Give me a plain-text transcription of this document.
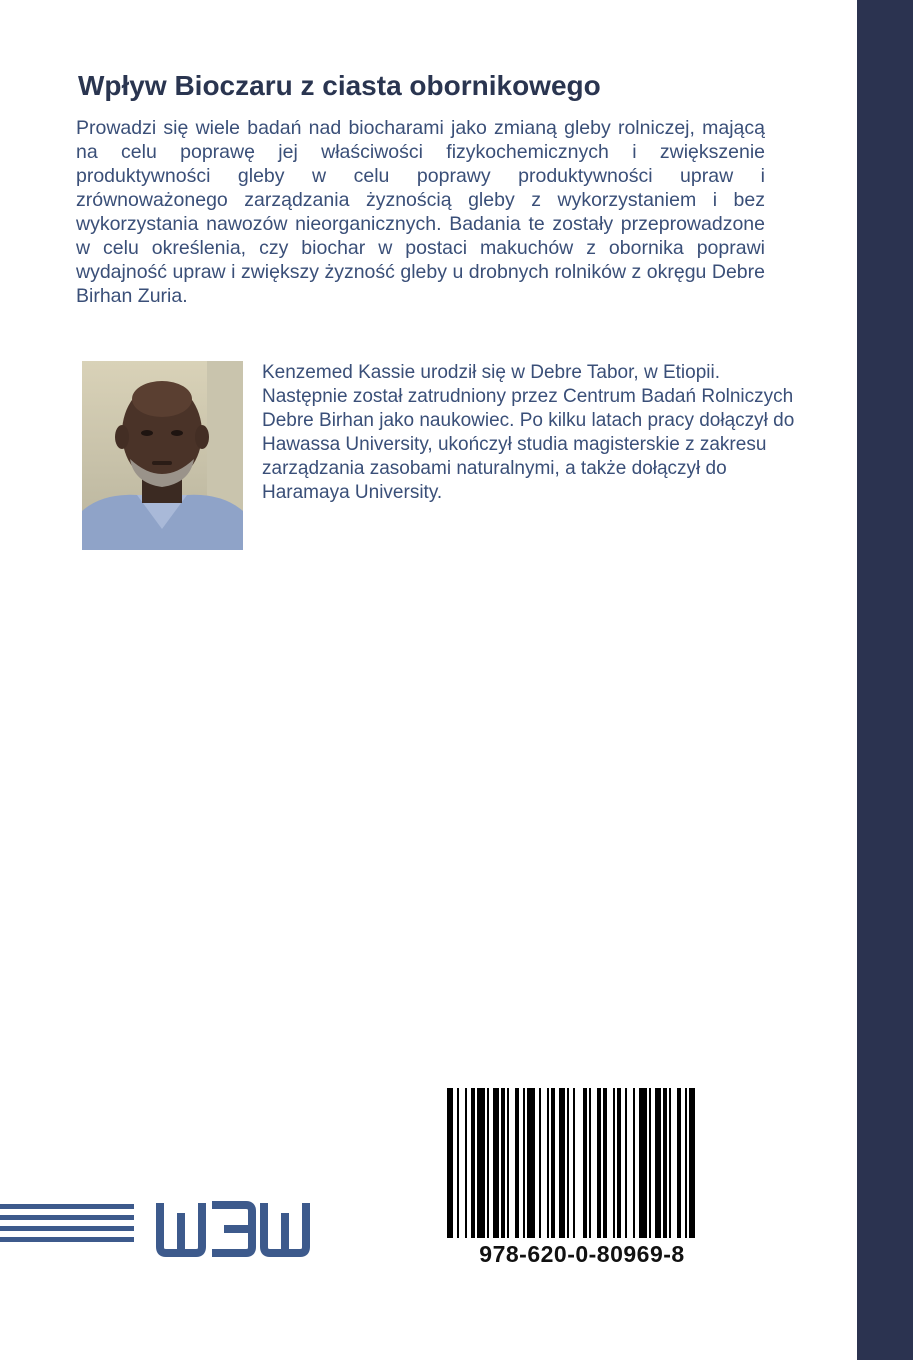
Wpływ Bioczaru z ciasta obornikowego

Prowadzi się wiele badań nad biocharami jako zmianą gleby rolniczej, mającą na celu poprawę jej właściwości fizykochemicznych i zwiększenie produktywności gleby w celu poprawy produktywności upraw i zrównoważonego zarządzania żyznością gleby z wykorzystaniem i bez wykorzystania nawozów nieorganicznych. Badania te zostały przeprowadzone w celu określenia, czy biochar w postaci makuchów z obornika poprawi wydajność upraw i zwiększy żyzność gleby u drobnych rolników z okręgu Debre Birhan Zuria.

Kenzemed Kassie urodził się w Debre Tabor, w Etiopii. Następnie został zatrudniony przez Centrum Badań Rolniczych Debre Birhan jako naukowiec. Po kilku latach pracy dołączył do Hawassa University, ukończył studia magisterskie z zakresu zarządzania zasobami naturalnymi, a także dołączył do Haramaya University.

978-620-0-80969-8
